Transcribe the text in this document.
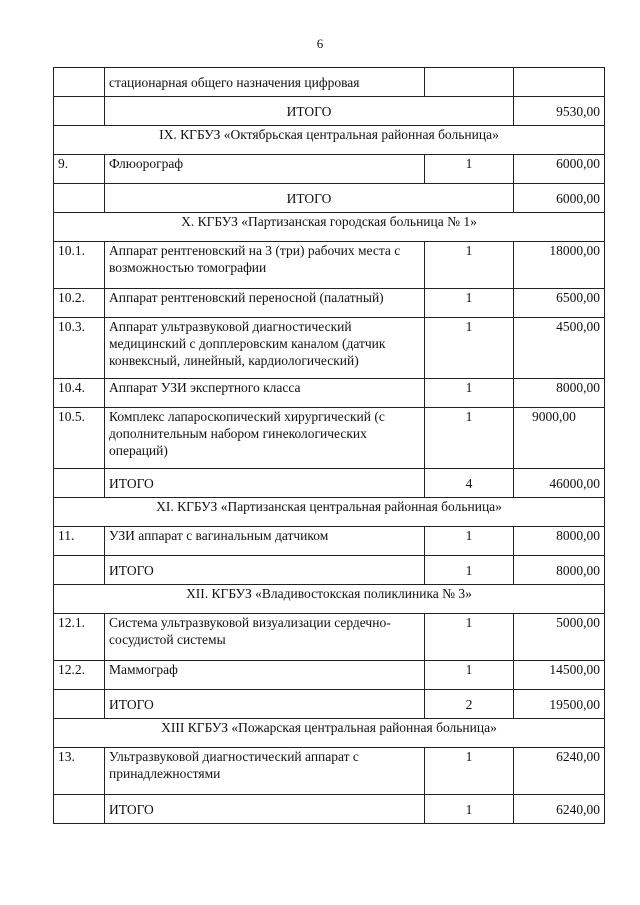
6
	стационарная общего назначения цифровая		
	ИТОГО		9530,00
IX. КГБУЗ «Октябрьская центральная районная больница»			
9.	Флюорограф	1	6000,00
	ИТОГО		6000,00
X. КГБУЗ «Партизанская городская больница № 1»			
10.1.	Аппарат рентгеновский на 3 (три) рабочих места с возможностью томографии	1	18000,00
10.2.	Аппарат рентгеновский переносной (палатный)	1	6500,00
10.3.	Аппарат ультразвуковой диагностический медицинский с допплеровским каналом (датчик конвексный, линейный, кардиологический)	1	4500,00
10.4.	Аппарат УЗИ экспертного класса	1	8000,00
10.5.	Комплекс лапароскопический хирургический (с дополнительным набором гинекологических операций)	1	9000,00
	ИТОГО	4	46000,00
XI. КГБУЗ «Партизанская центральная районная больница»			
11.	УЗИ аппарат с вагинальным датчиком	1	8000,00
	ИТОГО	1	8000,00
XII. КГБУЗ «Владивостокская поликлиника № 3»			
12.1.	Система ультразвуковой визуализации сердечно-сосудистой системы	1	5000,00
12.2.	Маммограф	1	14500,00
	ИТОГО	2	19500,00
XIII КГБУЗ «Пожарская центральная районная больница»			
13.	Ультразвуковой диагностический аппарат с принадлежностями	1	6240,00
	ИТОГО	1	6240,00
